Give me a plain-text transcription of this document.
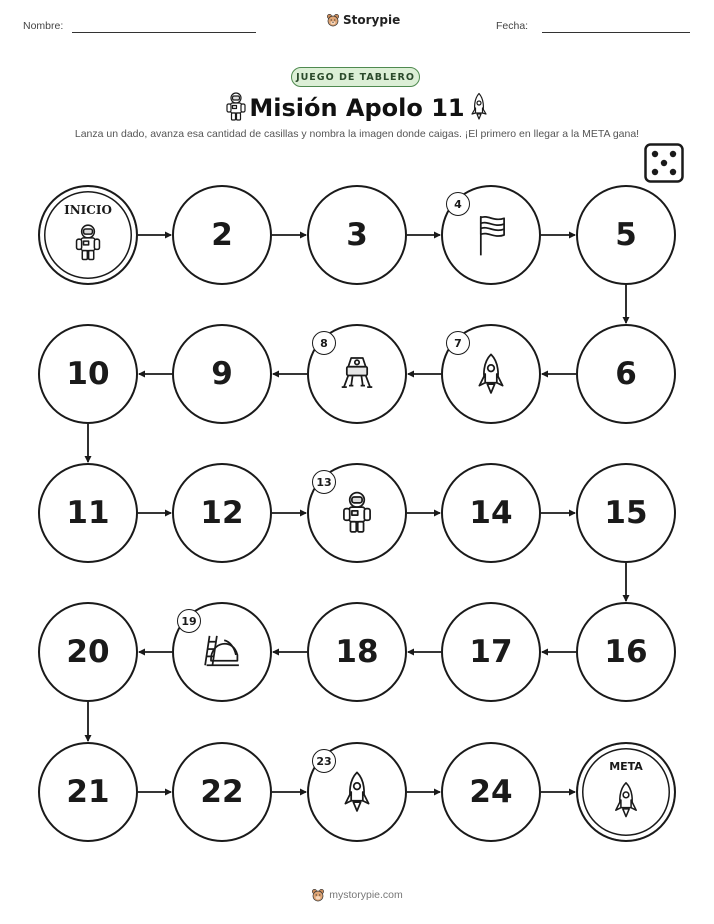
Nombre:	Storypie	Fecha:
JUEGO DE TABLERO
Misión Apolo 11
Lanza un dado, avanza esa cantidad de casillas y nombra la imagen donde caigas. ¡El primero en llegar a la META gana!
INICIO
2	3
4
5
6
7
8
9
10
11	12
13
14	15
16
17
18
19
20
21	22
23
24
META
mystorypie.com
